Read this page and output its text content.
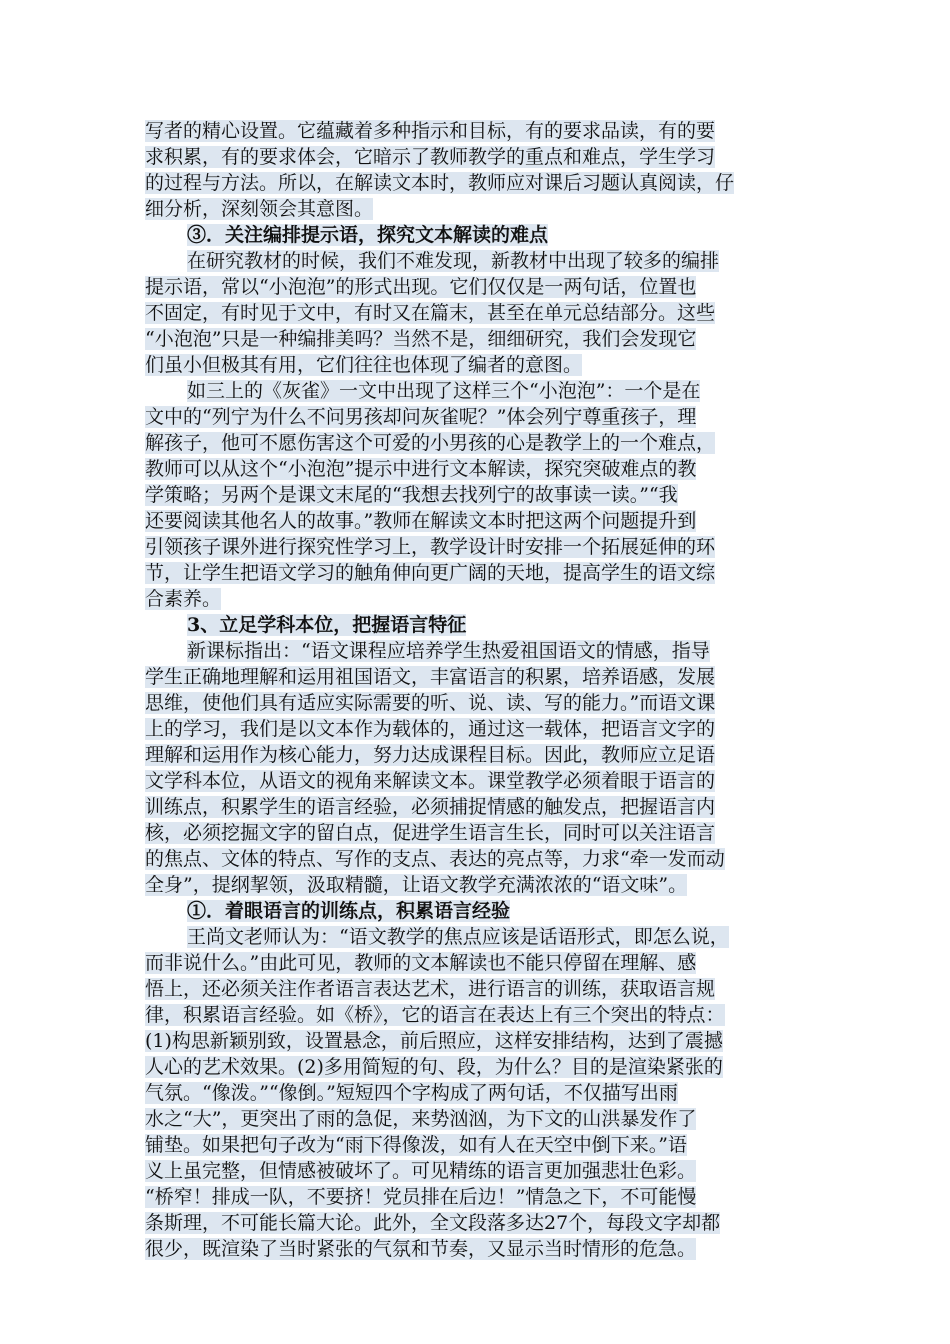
写者的精心设置。它蕴藏着多种指示和目标，有的要求品读，有的要
求积累，有的要求体会，它暗示了教师教学的重点和难点，学生学习
的过程与方法。所以，在解读文本时，教师应对课后习题认真阅读，仔
细分析，深刻领会其意图。
③．关注编排提示语，探究文本解读的难点
在研究教材的时候，我们不难发现，新教材中出现了较多的编排
提示语，常以“小泡泡”的形式出现。它们仅仅是一两句话，位置也
不固定，有时见于文中，有时又在篇末，甚至在单元总结部分。这些
“小泡泡”只是一种编排美吗？当然不是，细细研究，我们会发现它
们虽小但极其有用，它们往往也体现了编者的意图。
如三上的《灰雀》一文中出现了这样三个“小泡泡”：一个是在
文中的“列宁为什么不问男孩却问灰雀呢？”体会列宁尊重孩子，理
解孩子，他可不愿伤害这个可爱的小男孩的心是教学上的一个难点，
教师可以从这个“小泡泡”提示中进行文本解读，探究突破难点的教
学策略；另两个是课文末尾的“我想去找列宁的故事读一读。”“我
还要阅读其他名人的故事。”教师在解读文本时把这两个问题提升到
引领孩子课外进行探究性学习上，教学设计时安排一个拓展延伸的环
节，让学生把语文学习的触角伸向更广阔的天地，提高学生的语文综
合素养。
3、立足学科本位，把握语言特征
新课标指出：“语文课程应培养学生热爱祖国语文的情感，指导
学生正确地理解和运用祖国语文，丰富语言的积累，培养语感，发展
思维，使他们具有适应实际需要的听、说、读、写的能力。”而语文课
上的学习，我们是以文本作为载体的，通过这一载体，把语言文字的
理解和运用作为核心能力，努力达成课程目标。因此，教师应立足语
文学科本位，从语文的视角来解读文本。课堂教学必须着眼于语言的
训练点，积累学生的语言经验，必须捕捉情感的触发点，把握语言内
核，必须挖掘文字的留白点，促进学生语言生长，同时可以关注语言
的焦点、文体的特点、写作的支点、表达的亮点等，力求“牵一发而动
全身”，提纲挈领，汲取精髓，让语文教学充满浓浓的“语文味”。
①．着眼语言的训练点，积累语言经验
王尚文老师认为：“语文教学的焦点应该是话语形式，即怎么说，
而非说什么。”由此可见，教师的文本解读也不能只停留在理解、感
悟上，还必须关注作者语言表达艺术，进行语言的训练，获取语言规
律，积累语言经验。如《桥》，它的语言在表达上有三个突出的特点：
(1)构思新颖别致，设置悬念，前后照应，这样安排结构，达到了震撼
人心的艺术效果。(2)多用简短的句、段，为什么？目的是渲染紧张的
气氛。“像泼。”“像倒。”短短四个字构成了两句话，不仅描写出雨
水之“大”，更突出了雨的急促，来势汹汹，为下文的山洪暴发作了
铺垫。如果把句子改为“雨下得像泼，如有人在天空中倒下来。”语
义上虽完整，但情感被破坏了。可见精练的语言更加强悲壮色彩。
“桥窄！排成一队，不要挤！党员排在后边！”情急之下，不可能慢
条斯理，不可能长篇大论。此外，全文段落多达27个，每段文字却都
很少，既渲染了当时紧张的气氛和节奏，又显示当时情形的危急。
